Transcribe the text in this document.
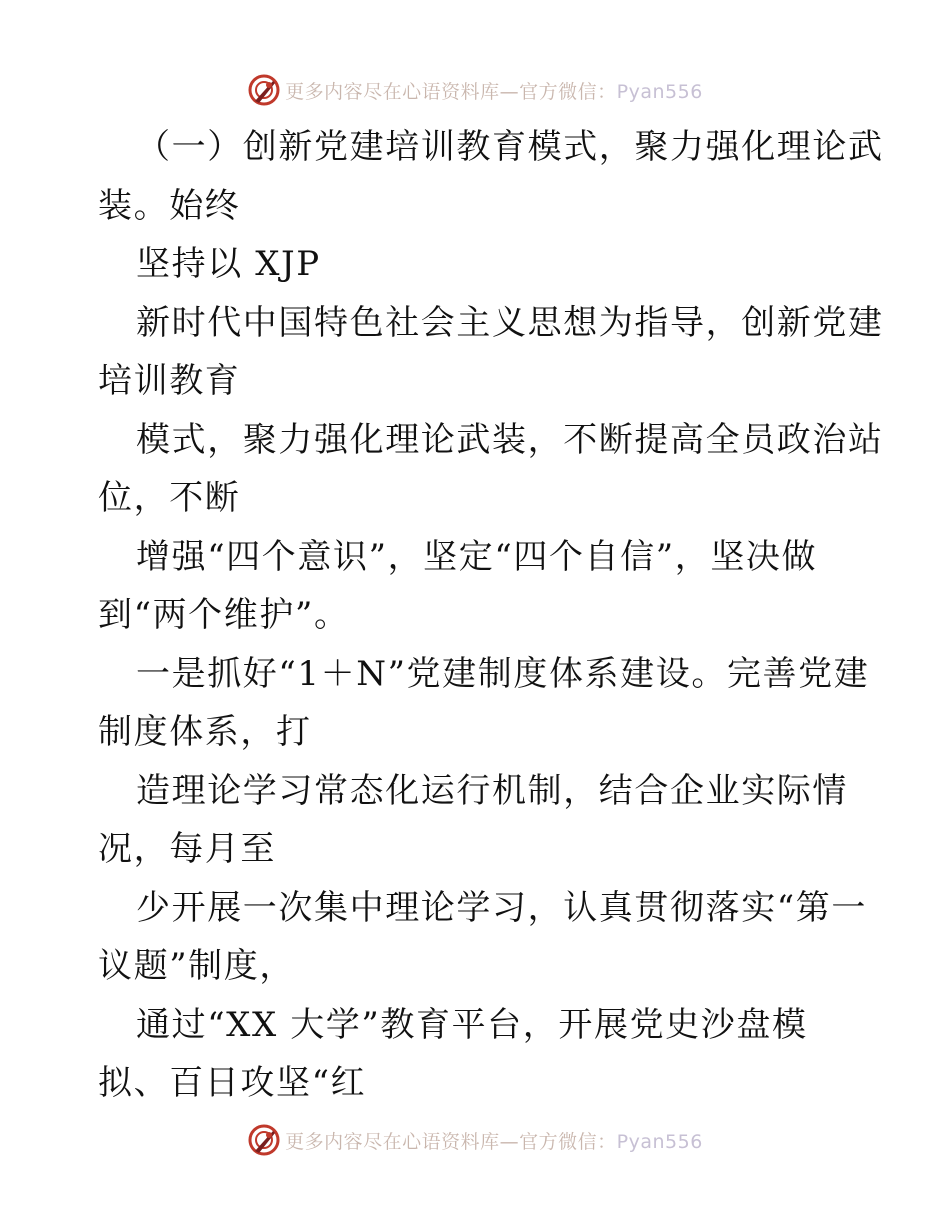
更多内容尽在心语资料库—官方微信：Pyan556
（一）创新党建培训教育模式，聚力强化理论武
装。始终
坚持以 XJP
新时代中国特色社会主义思想为指导，创新党建
培训教育
模式，聚力强化理论武装，不断提高全员政治站
位，不断
增强“四个意识”，坚定“四个自信”，坚决做
到“两个维护”。
一是抓好“1＋N”党建制度体系建设。完善党建
制度体系，打
造理论学习常态化运行机制，结合企业实际情
况，每月至
少开展一次集中理论学习，认真贯彻落实“第一
议题”制度，
通过“XX 大学”教育平台，开展党史沙盘模
拟、百日攻坚“红
更多内容尽在心语资料库—官方微信：Pyan556
